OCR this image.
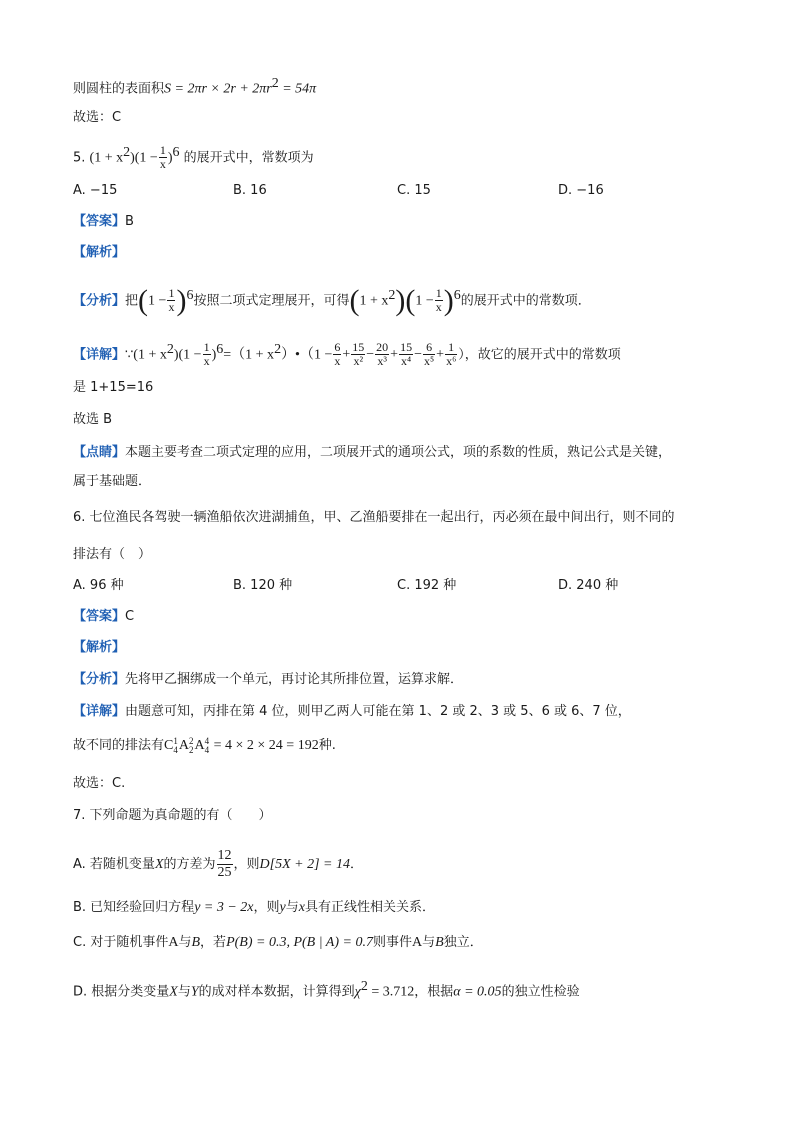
则圆柱的表面积$S = 2\pi r \times 2r + 2\pi r^2 = 54\pi$
故选：C
5. $(1 + x^2)(1 - \frac{1}{x} )^6$ 的展开式中，常数项为
A. −15	B. 16	C. 15	D. −16
【答案】B
【解析】
【分析】把$(1 - \frac{1}{x} )^6$按照二项式定理展开，可得$(1 + x^2)(1 - \frac{1}{x} )^6$的展开式中的常数项．
【详解】∵(1 + $x^2)(1 - \frac{1}{x} )^6=(1$ + $x^2)•(1 - \frac{6}{x} + \frac{15}{\text{x²}} - \frac{20}{\text{x³}} + \frac{15}{\text{x⁴}} - \frac{6}{\text{x⁵}} + \frac{1}{\text{x⁶}}$ ），故它的展开式中的常数项
是 1+15=16
故选 B
【点睛】本题主要考查二项式定理的应用，二项展开式的通项公式，项的系数的性质，熟记公式是关键，
属于基础题．
6. 七位渔民各驾驶一辆渔船依次进湖捕鱼，甲、乙渔船要排在一起出行，丙必须在最中间出行，则不同的
排法有（　）
A. 96 种	B. 120 种	C. 192 种	D. 240 种
【答案】C
【解析】
【分析】先将甲乙捆绑成一个单元，再讨论其所排位置，运算求解．
【详解】由题意可知，丙排在第 4 位，则甲乙两人可能在第 1、2 或 2、3 或 5、6 或 6、7 位，
故不同的排法有C 1
4 A 2
2 A 4
4 = 4 × 2 × 24 = 192种.
故选：C.
7. 下列命题为真命题的有（　　）
A. 若随机变量X的方差为 $\frac{12}{25}$ ，则D[5X + 2] = 14．
B. 已知经验回归方程y = 3 − 2x，则y与x具有正线性相关关系．
C. 对于随机事件A与B，若P(B) = 0.3, P(B | A) = 0.7则事件A与B独立．
D. 根据分类变量X与Y的成对样本数据，计算得到$\chi^2 = 3.712$，根据α = 0.05的独立性检验
